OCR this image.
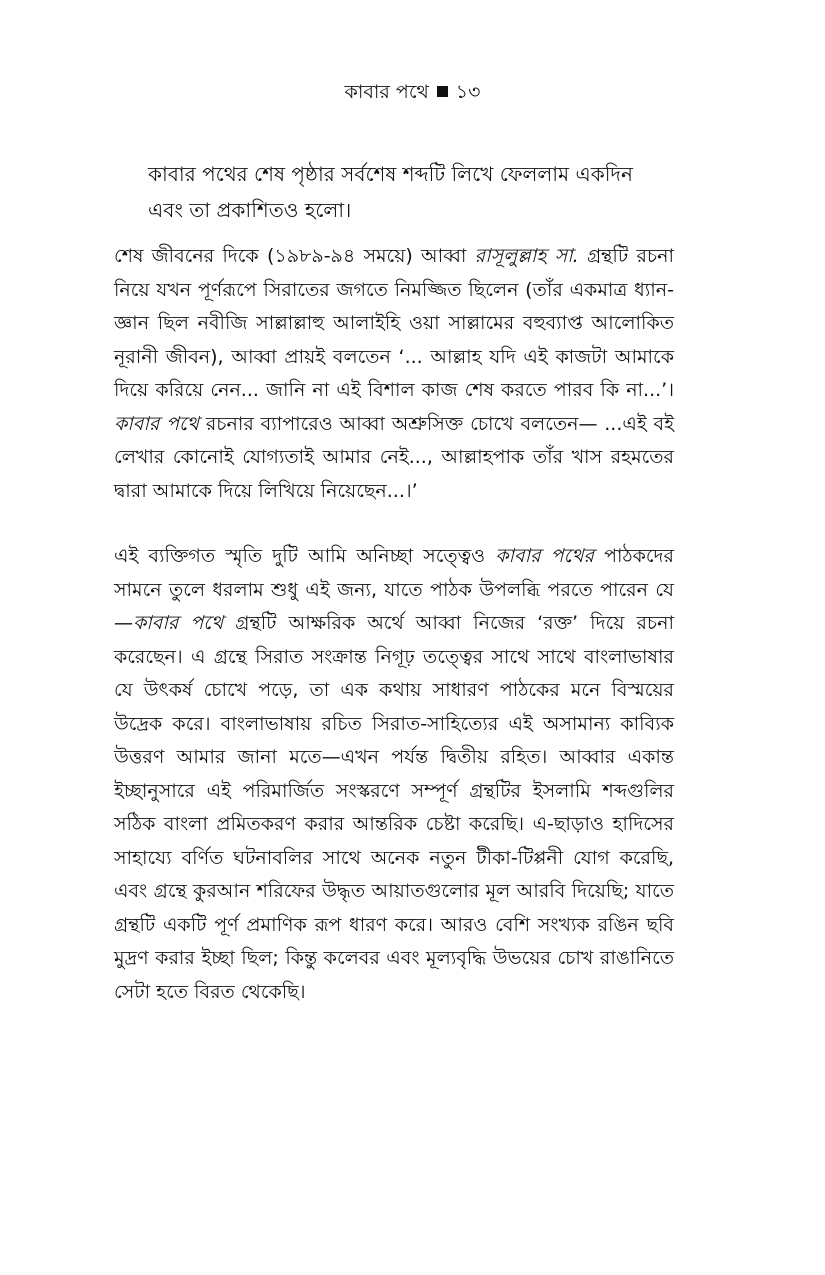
কাবার পথে ১৩
কাবার পথের শেষ পৃষ্ঠার সর্বশেষ শব্দটি লিখে ফেললাম একদিন এবং তা প্রকাশিতও হলো।

শেষ জীবনের দিকে (১৯৮৯-৯৪ সময়ে) আব্বা রাসূলুল্লাহ সা. গ্রন্থটি রচনা নিয়ে যখন পূর্ণরূপে সিরাতের জগতে নিমজ্জিত ছিলেন (তাঁর একমাত্র ধ্যান-জ্ঞান ছিল নবীজি সাল্লাল্লাহু আলাইহি ওয়া সাল্লামের বহুব্যাপ্ত আলোকিত নূরানী জীবন), আব্বা প্রায়ই বলতেন ‘... আল্লাহ যদি এই কাজটা আমাকে দিয়ে করিয়ে নেন... জানি না এই বিশাল কাজ শেষ করতে পারব কি না...’। কাবার পথে রচনার ব্যাপারেও আব্বা অশ্রুসিক্ত চোখে বলতেন— ...এই বই লেখার কোনোই যোগ্যতাই আমার নেই..., আল্লাহপাক তাঁর খাস রহমতের দ্বারা আমাকে দিয়ে লিখিয়ে নিয়েছেন...।’

এই ব্যক্তিগত স্মৃতি দুটি আমি অনিচ্ছা সত্ত্বেও কাবার পথের পাঠকদের সামনে তুলে ধরলাম শুধু এই জন্য, যাতে পাঠক উপলব্ধি পরতে পারেন যে—কাবার পথে গ্রন্থটি আক্ষরিক অর্থে আব্বা নিজের ‘রক্ত’ দিয়ে রচনা করেছেন। এ গ্রন্থে সিরাত সংক্রান্ত নিগূঢ় তত্ত্বের সাথে সাথে বাংলাভাষার যে উৎকর্ষ চোখে পড়ে, তা এক কথায় সাধারণ পাঠকের মনে বিস্ময়ের উদ্রেক করে। বাংলাভাষায় রচিত সিরাত-সাহিত্যের এই অসামান্য কাব্যিক উত্তরণ আমার জানা মতে—এখন পর্যন্ত দ্বিতীয় রহিত। আব্বার একান্ত ইচ্ছানুসারে এই পরিমার্জিত সংস্করণে সম্পূর্ণ গ্রন্থটির ইসলামি শব্দগুলির সঠিক বাংলা প্রমিতকরণ করার আন্তরিক চেষ্টা করেছি। এ-ছাড়াও হাদিসের সাহায্যে বর্ণিত ঘটনাবলির সাথে অনেক নতুন টীকা-টিপ্পনী যোগ করেছি, এবং গ্রন্থে কুরআন শরিফের উদ্ধৃত আয়াতগুলোর মূল আরবি দিয়েছি; যাতে গ্রন্থটি একটি পূর্ণ প্রমাণিক রূপ ধারণ করে। আরও বেশি সংখ্যক রঙিন ছবি মুদ্রণ করার ইচ্ছা ছিল; কিন্তু কলেবর এবং মূল্যবৃদ্ধি উভয়ের চোখ রাঙানিতে সেটা হতে বিরত থেকেছি।
